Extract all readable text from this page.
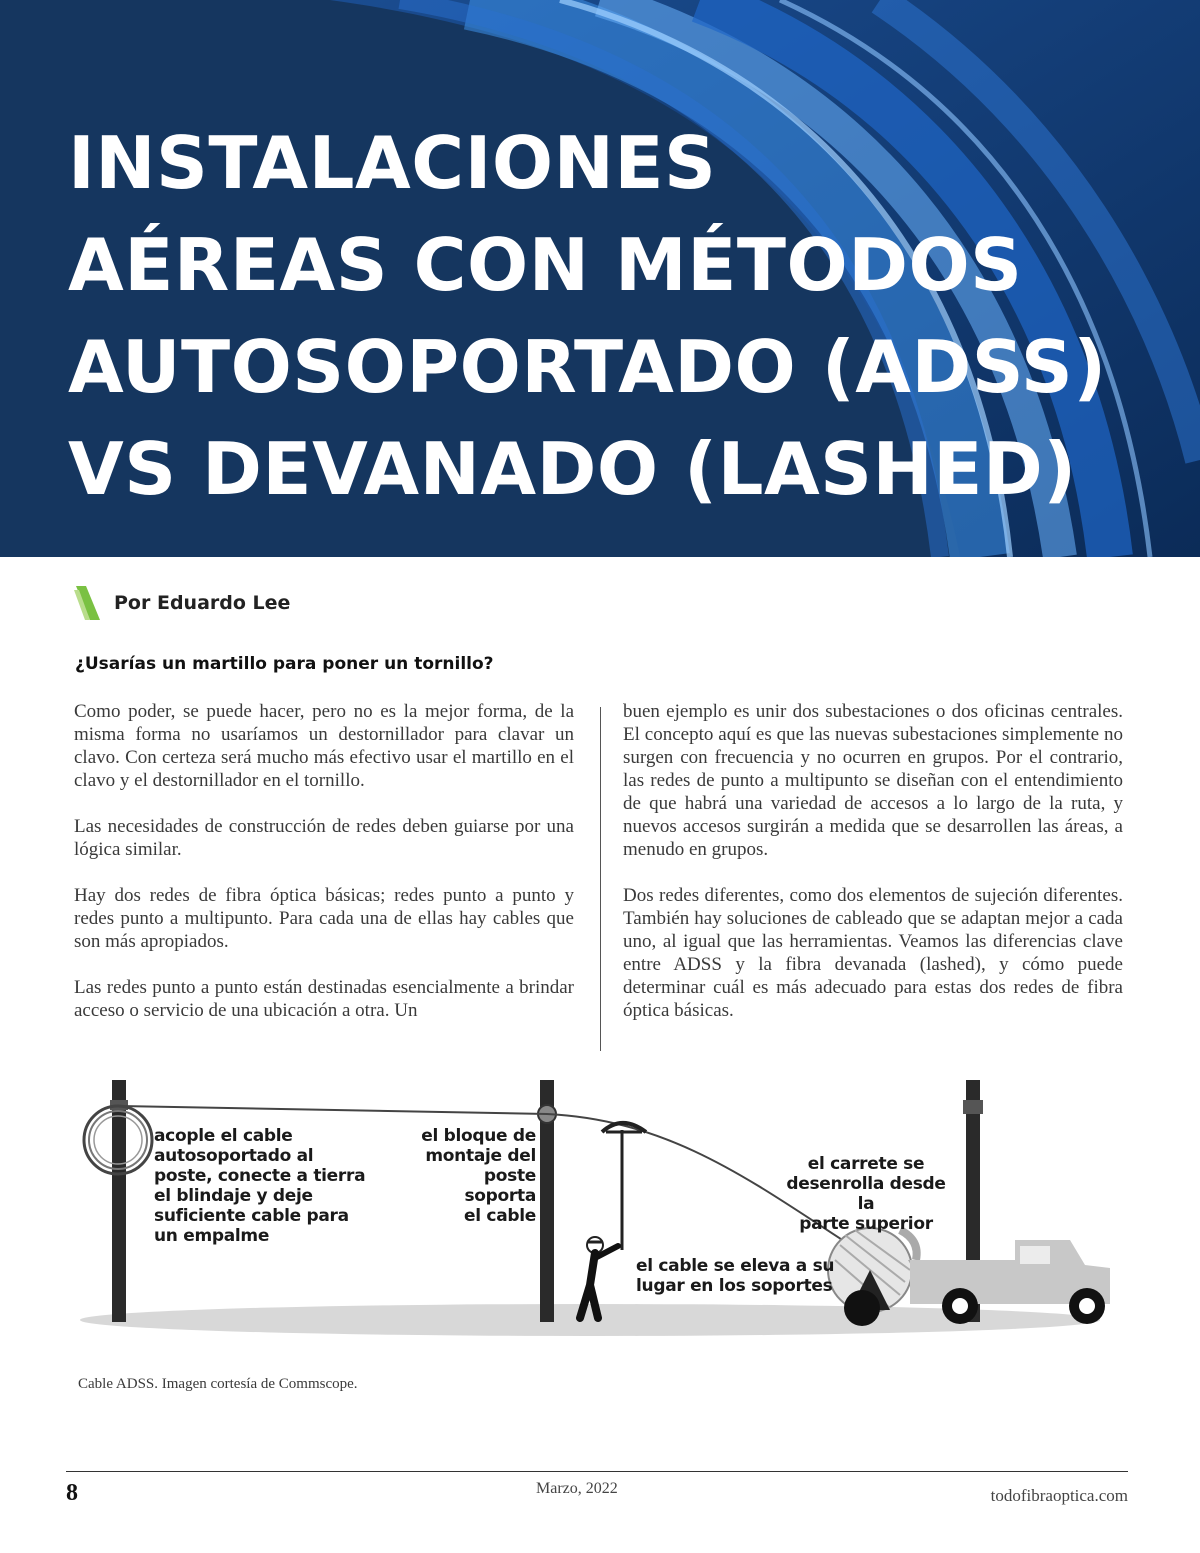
INSTALACIONES
AÉREAS CON MÉTODOS
AUTOSOPORTADO (ADSS)
VS DEVANADO (LASHED)
Por Eduardo Lee
¿Usarías un martillo para poner un tornillo?

Como poder, se puede hacer, pero no es la mejor forma, de la misma forma no usaríamos un destornillador para clavar un clavo. Con certeza será mucho más efectivo usar el martillo en el clavo y el destornillador en el tornillo.

Las necesidades de construcción de redes deben guiarse por una lógica similar.

Hay dos redes de fibra óptica básicas; redes punto a punto y redes punto a multipunto. Para cada una de ellas hay cables que son más apropiados.

Las redes punto a punto están destinadas esencialmente a brindar acceso o servicio de una ubicación a otra. Un

buen ejemplo es unir dos subestaciones o dos oficinas centrales. El concepto aquí es que las nuevas subestaciones simplemente no surgen con frecuencia y no ocurren en grupos. Por el contrario, las redes de punto a multipunto se diseñan con el entendimiento de que habrá una variedad de accesos a lo largo de la ruta, y nuevos accesos surgirán a medida que se desarrollen las áreas, a menudo en grupos.

Dos redes diferentes, como dos elementos de sujeción diferentes. También hay soluciones de cableado que se adaptan mejor a cada uno, al igual que las herramientas. Veamos las diferencias clave entre ADSS y la fibra devanada (lashed), y cómo puede determinar cuál es más adecuado para estas dos redes de fibra óptica básicas.

acople el cable
autosoportado al
poste, conecte a tierra
el blindaje y deje
suficiente cable para
un empalme
el bloque de
montaje del
poste soporta
el cable
el carrete se
desenrolla desde la
parte superior
el cable se eleva a su
lugar en los soportes
Cable ADSS. Imagen cortesía de Commscope.
8	Marzo, 2022	todofibraoptica.com
